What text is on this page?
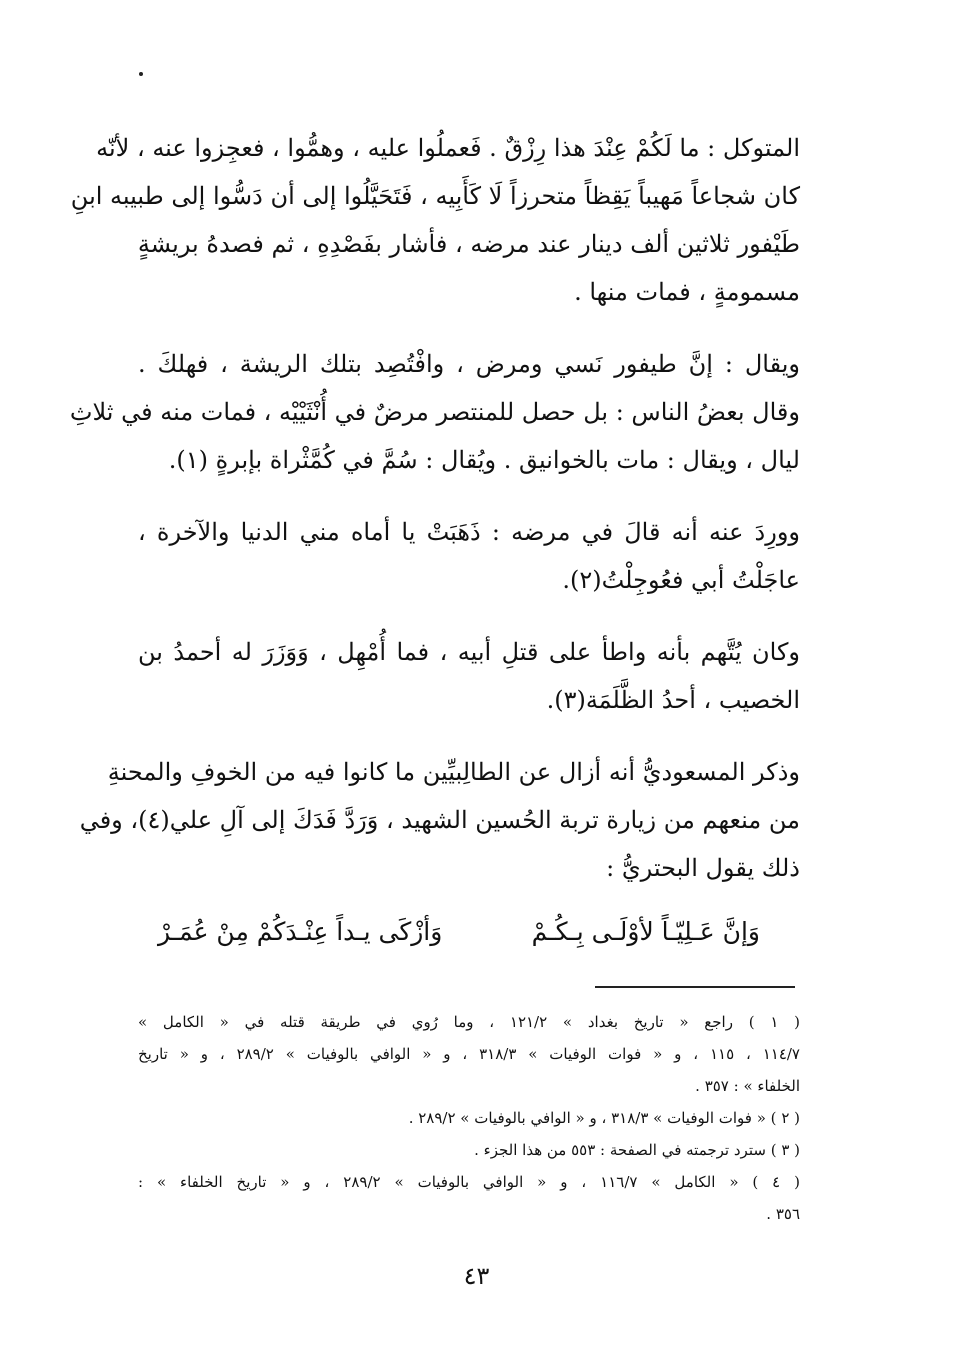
المتوكل : ما لَكُمْ عِنْدَ هذا رِزْقٌ . فَعملُوا عليه ، وهمُّوا ، فعجِزوا عنه ، لأنّه
كان شجاعاً مَهيباً يَقِظاً متحرزاً لَا كَأَبِيه ، فَتَحَيَّلُوا إلى أن دَسُّوا إلى طبيبه ابنِ
طَيْفور ثلاثين ألف دينار عند مرضه ، فأشار بفَصْدِهِ ، ثم فصدهُ بريشةٍ
مسمومةٍ ، فمات منها .

ويقال : إنَّ طيفور نَسي ومرض ، وافْتُصِد بتلك الريشة ، فهلكَ .
وقال بعضُ الناس : بل حصل للمنتصر مرضٌ في أُنْثَيْيْه ، فمات منه في ثلاثِ
ليال ، ويقال : مات بالخوانيق . ويُقال : سُمَّ في كُمَّثْراة بإبرةٍ (١).

وورِدَ عنه أنه قالَ في مرضه : ذَهَبَتْ يا أماه مني الدنيا والآخرة ،
عاجَلْتُ أبي فعُوجِلْتُ(٢).

وكان يُتَّهم بأنه واطأ على قتلِ أبيه ، فما أُمْهِل ، وَوَزَرَ له أحمدُ بن
الخصيب ، أحدُ الظَّلَمَة(٣).

وذكر المسعوديُّ أنه أزال عن الطالِبيِّين ما كانوا فيه من الخوفِ والمحنةِ
من منعهم من زيارة تربة الحُسين الشهيد ، وَرَدَّ فَدَكَ إلى آلِ علي(٤)، وفي
ذلك يقول البحتريُّ :

وَإنَّ عَـلِيّـاً لأوْلَـى بِـكُـمْ
وَأزْكَى يـداً عِنْـدَكُمْ مِنْ عُمَـرْ

( ١ ) راجع « تاريخ بغداد » ١٢١/٢ ، وما رُوي في طريقة قتله في « الكامل »
١١٤/٧ ، ١١٥ ، و « فوات الوفيات » ٣١٨/٣ ، و « الوافي بالوفيات » ٢٨٩/٢ ، و « تاريخ
الخلفاء » : ٣٥٧ .

( ٢ ) « فوات الوفيات » ٣١٨/٣ ، و « الوافي بالوفيات » ٢٨٩/٢ .

( ٣ ) سترد ترجمته في الصفحة : ٥٥٣ من هذا الجزء .

( ٤ ) « الكامل » ١١٦/٧ ، و « الوافي بالوفيات » ٢٨٩/٢ ، و « تاريخ الخلفاء » :
٣٥٦ .

٤٣
